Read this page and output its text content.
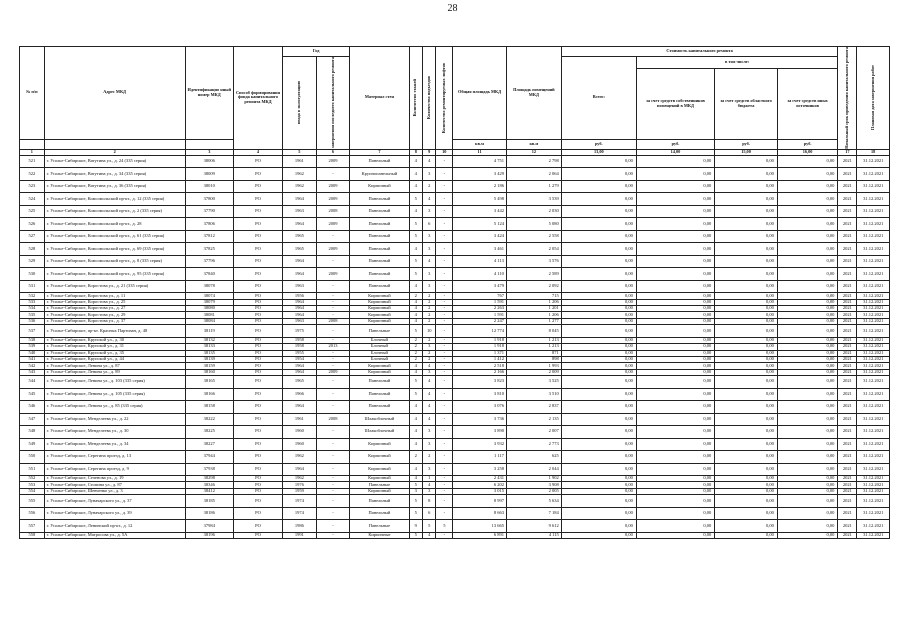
28
№ п/п	Адрес МКД	Идентификацио нный номер МКД	Способ формирования фонда капитального ремонта МКД	Год		Материал стен	Количество этажей	Количество подъездов	Количество ремонтируемых лифтов	Общая площадь МКД	Площадь помещений МКД	Стоимость капитального ремонта				Начальный срок проведения капитального ремонта	Плановая дата завершения работ

				ввода в эксплуатацию	завершения последнего капитального ремонта							Всего:	в том числе:				
													за счет средств собственников помещений в МКД	за счет средств областного бюджета	за счет средств иных источников		
										кв.м	кв.м	руб.	руб.	руб.	руб.		
1	2	3	4	5	6	7	8	9	10	11	12	13,00	14,00	15,00	16,00	17	18
521	г. Усолье-Сибирское, Ватутина ул., д. 24 (335 серия)	38006	РО	1961	2009	Панельный	4	4	-	4 751	2 798	0,00	0,00	0,00	0,00	2021	31.12.2021
522	г. Усолье-Сибирское, Ватутина ул., д. 34 (335 серия)	38009	РО	1962	-	Крупнопанельный	4	3	-	3 429	2 064	0,00	0,00	0,00	0,00	2021	31.12.2021
523	г. Усолье-Сибирское, Ватутина ул., д. 36 (335 серия)	38010	РО	1962	2009	Кирпичный	4	2	-	2 186	1 279	0,00	0,00	0,00	0,00	2021	31.12.2021
524	г. Усолье-Сибирское, Комсомольский пр-кт., д. 12 (335 серия)	37800	РО	1964	2009	Панельный	5	4	-	5 498	3 539	0,00	0,00	0,00	0,00	2021	31.12.2021
525	г. Усолье-Сибирское, Комсомольский пр-кт., д. 2 (335 серия)	37790	РО	1963	2008	Панельный	4	3	-	3 442	2 030	0,00	0,00	0,00	0,00	2021	31.12.2021
526	г. Усолье-Сибирское, Комсомольский пр-кт., д. 28	37806	РО	1964	2009	Панельный	5	6	-	5 124	5 080	0,00	0,00	0,00	0,00	2021	31.12.2021
527	г. Усолье-Сибирское, Комсомольский пр-кт., д. 61 (335 серия)	37812	РО	1965	-	Панельный	5	3	-	3 424	2 558	0,00	0,00	0,00	0,00	2021	31.12.2021
528	г. Усолье-Сибирское, Комсомольский пр-кт., д. 69 (335 серия)	37825	РО	1965	2009	Панельный	4	3	-	3 461	2 054	0,00	0,00	0,00	0,00	2021	31.12.2021
529	г. Усолье-Сибирское, Комсомольский пр-кт., д. 8 (335 серия)	37796	РО	1964	-	Панельный	5	4	-	4 113	3 576	0,00	0,00	0,00	0,00	2021	31.12.2021
530	г. Усолье-Сибирское, Комсомольский пр-кт., д. 95 (335 серия)	37840	РО	1964	2009	Панельный	5	3	-	4 110	2 589	0,00	0,00	0,00	0,00	2021	31.12.2021
531	г. Усолье-Сибирское, Коростова ул., д. 21 (335 серия)	38078	РО	1963	-	Панельный	4	3	-	3 479	2 092	0,00	0,00	0,00	0,00	2021	31.12.2021
532	г. Усолье-Сибирское, Коростова ул., д. 11	38074	РО	1956	-	Кирпичный	2	2	-	767	715	0,00	0,00	0,00	0,00	2021	31.12.2021
533	г. Усолье-Сибирское, Коростова ул., д. 25	38079	РО	1964	-	Кирпичный	4	2	-	1 591	1 206	0,00	0,00	0,00	0,00	2021	31.12.2021
534	г. Усолье-Сибирское, Коростова ул., д. 27	38080	РО	1964	-	Кирпичный	4	2	-	2 263	1 201	0,00	0,00	0,00	0,00	2021	31.12.2021
535	г. Усолье-Сибирское, Коростова ул., д. 29	38081	РО	1964	-	Кирпичный	4	2	-	1 591	1 206	0,00	0,00	0,00	0,00	2021	31.12.2021
536	г. Усолье-Сибирское, Коростова ул., д. 37	38084	РО	1963	2008	Кирпичный	4	2	-	2 247	1 277	0,00	0,00	0,00	0,00	2021	31.12.2021
537	г. Усолье-Сибирское, пр-кт. Красных Партизан, д. 48	38119	РО	1975	-	Панельные	5	10	-	12 774	8 045	0,00	0,00	0,00	0,00	2021	31.12.2021
538	г. Усолье-Сибирское, Крупской ул., д. 30	38132	РО	1958	-	Блочный	2	2	-	1 918	1 213	0,00	0,00	0,00	0,00	2021	31.12.2021
539	г. Усолье-Сибирское, Крупской ул., д. 31	38133	РО	1958	2013	Блочный	2	3	-	1 918	1 213	0,00	0,00	0,00	0,00	2021	31.12.2021
540	г. Усолье-Сибирское, Крупской ул., д. 35	38135	РО	1955	-	Блочный	2	2	-	1 371	871	0,00	0,00	0,00	0,00	2021	31.12.2021
541	г. Усолье-Сибирское, Крупской ул., д. 44	38139	РО	1954	-	Блочный	2	2	-	1 412	898	0,00	0,00	0,00	0,00	2021	31.12.2021
542	г. Усолье-Сибирское, Ленина ул., д. 87	38159	РО	1964	-	Кирпичный	4	4	-	2 518	1 993	0,00	0,00	0,00	0,00	2021	31.12.2021
543	г. Усолье-Сибирское, Ленина ул., д. 89	38160	РО	1964	2009	Кирпичный	4	3	-	2 166	2 009	0,00	0,00	0,00	0,00	2021	31.12.2021
544	г. Усолье-Сибирское, Ленина ул., д. 103 (335 серия)	38165	РО	1965	-	Панельный	5	4	-	3 823	3 525	0,00	0,00	0,00	0,00	2021	31.12.2021
545	г. Усолье-Сибирское, Ленина ул., д. 105 (335 серия)	38166	РО	1966	-	Панельный	5	4	-	3 810	3 510	0,00	0,00	0,00	0,00	2021	31.12.2021
546	г. Усолье-Сибирское, Ленина ул., д. 85 (335 серия)	38158	РО	1964	-	Панельный	4	4	-	3 076	2 837	0,00	0,00	0,00	0,00	2021	31.12.2021
547	г. Усолье-Сибирское, Менделеева ул., д. 22	38222	РО	1961	2008	Шлакоблочный	4	4	-	3 736	2 135	0,00	0,00	0,00	0,00	2021	31.12.2021
548	г. Усолье-Сибирское, Менделеева ул., д. 30	38225	РО	1960	-	Шлакоблочный	4	3	-	3 890	2 007	0,00	0,00	0,00	0,00	2021	31.12.2021
549	г. Усолье-Сибирское, Менделеева ул., д. 34	38227	РО	1960	-	Кирпичный	4	3	-	3 932	2 773	0,00	0,00	0,00	0,00	2021	31.12.2021
550	г. Усолье-Сибирское, Серегина проезд, д. 13	37944	РО	1962	-	Кирпичный	2	2	-	1 117	625	0,00	0,00	0,00	0,00	2021	31.12.2021
551	г. Усолье-Сибирское, Серегина проезд, д. 9	37938	РО	1964	-	Кирпичный	4	3	-	3 258	2 044	0,00	0,00	0,00	0,00	2021	31.12.2021
552	г. Усолье-Сибирское, Сеченова ул., д. 19	38298	РО	1962	-	Кирпичный	4	1	-	2 431	1 902	0,00	0,00	0,00	0,00	2021	31.12.2021
553	г. Усолье-Сибирское, Стопина ул., д. 87	38346	РО	1976	-	Панельные	5	4	-	6 202	3 908	0,00	0,00	0,00	0,00	2021	31.12.2021
554	г. Усолье-Сибирское, Шевченко ул., д. 3	38412	РО	1959	-	Кирпичный	3	3	-	3 015	2 005	0,00	0,00	0,00	0,00	2021	31.12.2021
555	г. Усолье-Сибирское, Луначарского ул., д. 37	38185	РО	1974	-	Панельный	5	8	-	8 997	5 634	0,00	0,00	0,00	0,00	2021	31.12.2021
556	г. Усолье-Сибирское, Луначарского ул., д. 39	38186	РО	1974	-	Панельный	5	6	-	8 663	7 184	0,00	0,00	0,00	0,00	2021	31.12.2021
557	г. Усолье-Сибирское, Ленинский пр-кт., д. 12	37984	РО	1986	-	Панельные	9	5	5	13 665	9 612	0,00	0,00	0,00	0,00	2021	31.12.2021
558	г. Усолье-Сибирское, Матросова ул., д. 5А	38196	РО	1991	-	Кирпичные	5	4	-	6 891	4 115	0,00	0,00	0,00	0,00	2021	31.12.2021
